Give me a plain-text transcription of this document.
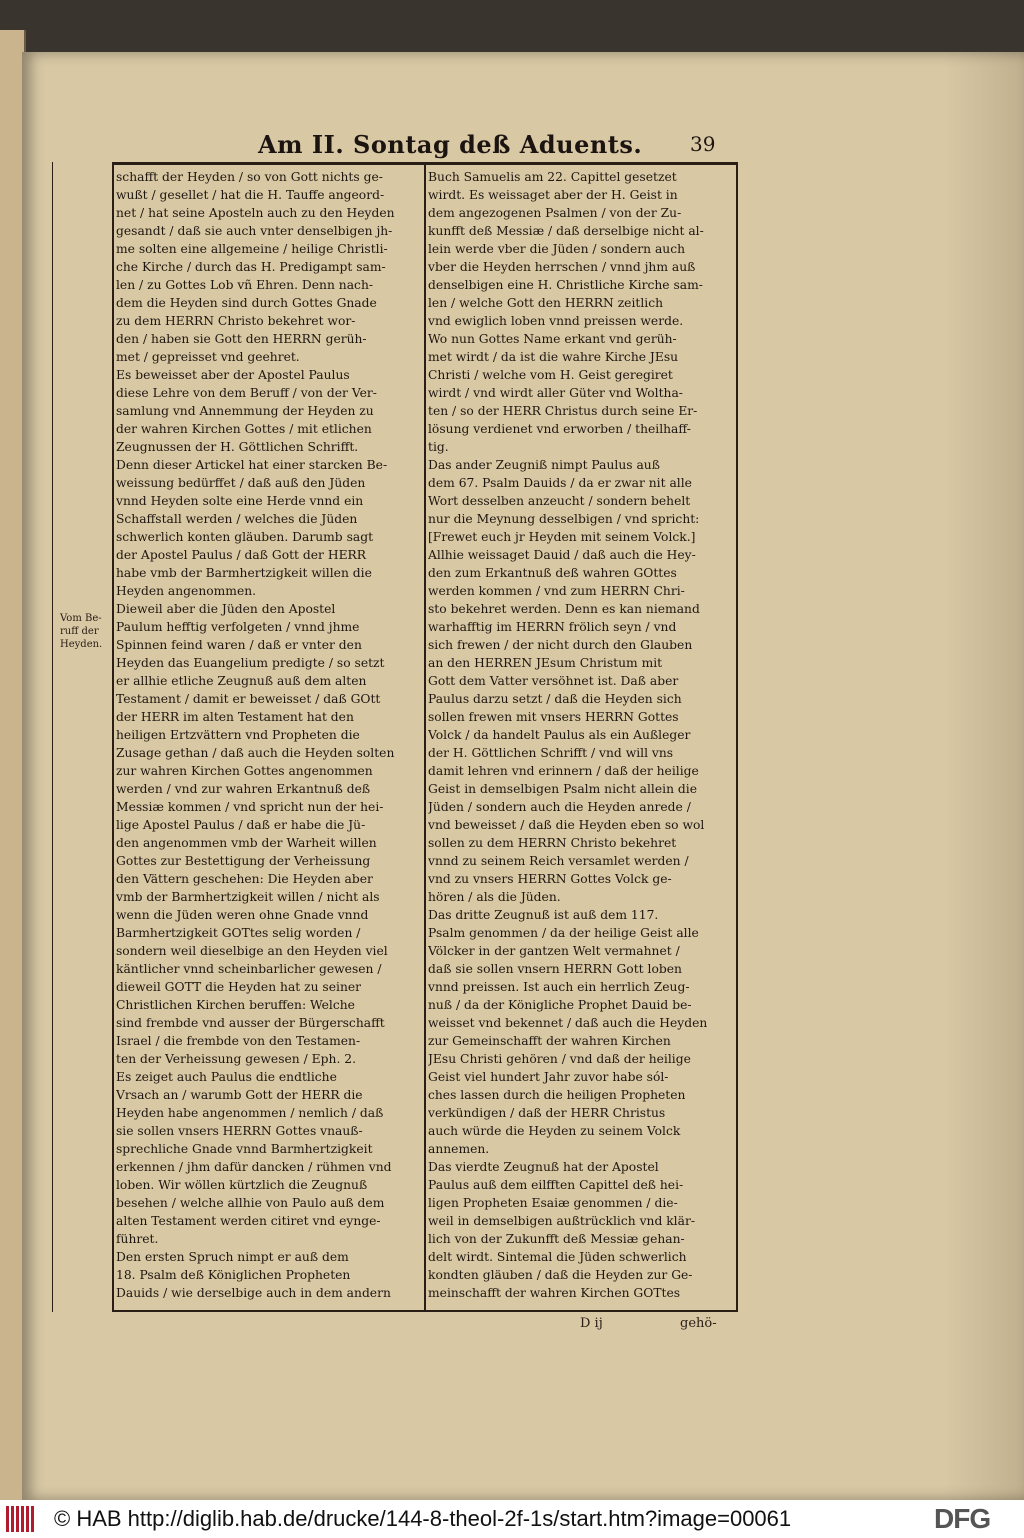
Am II. Sontag deß Aduents. 39
Vom Be-
ruff der
Heyden.
schafft der Heyden / so von Gott nichts ge-
wußt / gesellet / hat die H. Tauffe angeord-
net / hat seine Aposteln auch zu den Heyden
gesandt / daß sie auch vnter denselbigen jh-
me solten eine allgemeine / heilige Christli-
che Kirche / durch das H. Predigampt sam-
len / zu Gottes Lob vñ Ehren. Denn nach-
dem die Heyden sind durch Gottes Gnade
zu dem HERRN Christo bekehret wor-
den / haben sie Gott den HERRN gerüh-
met / gepreisset vnd geehret.
Es beweisset aber der Apostel Paulus
diese Lehre von dem Beruff / von der Ver-
samlung vnd Annemmung der Heyden zu
der wahren Kirchen Gottes / mit etlichen
Zeugnussen der H. Göttlichen Schrifft.
Denn dieser Artickel hat einer starcken Be-
weissung bedürffet / daß auß den Jüden
vnnd Heyden solte eine Herde vnnd ein
Schaffstall werden / welches die Jüden
schwerlich konten gläuben. Darumb sagt
der Apostel Paulus / daß Gott der HERR
habe vmb der Barmhertzigkeit willen die
Heyden angenommen.
Dieweil aber die Jüden den Apostel
Paulum hefftig verfolgeten / vnnd jhme
Spinnen feind waren / daß er vnter den
Heyden das Euangelium predigte / so setzt
er allhie etliche Zeugnuß auß dem alten
Testament / damit er beweisset / daß GOtt
der HERR im alten Testament hat den
heiligen Ertzvättern vnd Propheten die
Zusage gethan / daß auch die Heyden solten
zur wahren Kirchen Gottes angenommen
werden / vnd zur wahren Erkantnuß deß
Messiæ kommen / vnd spricht nun der hei-
lige Apostel Paulus / daß er habe die Jü-
den angenommen vmb der Warheit willen
Gottes zur Bestettigung der Verheissung
den Vättern geschehen: Die Heyden aber
vmb der Barmhertzigkeit willen / nicht als
wenn die Jüden weren ohne Gnade vnnd
Barmhertzigkeit GOTtes selig worden /
sondern weil dieselbige an den Heyden viel
käntlicher vnnd scheinbarlicher gewesen /
dieweil GOTT die Heyden hat zu seiner
Christlichen Kirchen beruffen: Welche
sind frembde vnd ausser der Bürgerschafft
Israel / die frembde von den Testamen-
ten der Verheissung gewesen / Eph. 2.
Es zeiget auch Paulus die endtliche
Vrsach an / warumb Gott der HERR die
Heyden habe angenommen / nemlich / daß
sie sollen vnsers HERRN Gottes vnauß-
sprechliche Gnade vnnd Barmhertzigkeit
erkennen / jhm dafür dancken / rühmen vnd
loben. Wir wöllen kürtzlich die Zeugnuß
besehen / welche allhie von Paulo auß dem
alten Testament werden citiret vnd eynge-
führet.
Den ersten Spruch nimpt er auß dem
18. Psalm deß Königlichen Propheten
Dauids / wie derselbige auch in dem andern
Buch Samuelis am 22. Capittel gesetzet
wirdt. Es weissaget aber der H. Geist in
dem angezogenen Psalmen / von der Zu-
kunfft deß Messiæ / daß derselbige nicht al-
lein werde vber die Jüden / sondern auch
vber die Heyden herrschen / vnnd jhm auß
denselbigen eine H. Christliche Kirche sam-
len / welche Gott den HERRN zeitlich
vnd ewiglich loben vnnd preissen werde.
Wo nun Gottes Name erkant vnd gerüh-
met wirdt / da ist die wahre Kirche JEsu
Christi / welche vom H. Geist geregiret
wirdt / vnd wirdt aller Güter vnd Woltha-
ten / so der HERR Christus durch seine Er-
lösung verdienet vnd erworben / theilhaff-
tig.
Das ander Zeugniß nimpt Paulus auß
dem 67. Psalm Dauids / da er zwar nit alle
Wort desselben anzeucht / sondern behelt
nur die Meynung desselbigen / vnd spricht:
[Frewet euch jr Heyden mit seinem Volck.]
Allhie weissaget Dauid / daß auch die Hey-
den zum Erkantnuß deß wahren GOttes
werden kommen / vnd zum HERRN Chri-
sto bekehret werden. Denn es kan niemand
warhafftig im HERRN frölich seyn / vnd
sich frewen / der nicht durch den Glauben
an den HERREN JEsum Christum mit
Gott dem Vatter versöhnet ist. Daß aber
Paulus darzu setzt / daß die Heyden sich
sollen frewen mit vnsers HERRN Gottes
Volck / da handelt Paulus als ein Außleger
der H. Göttlichen Schrifft / vnd will vns
damit lehren vnd erinnern / daß der heilige
Geist in demselbigen Psalm nicht allein die
Jüden / sondern auch die Heyden anrede /
vnd beweisset / daß die Heyden eben so wol
sollen zu dem HERRN Christo bekehret
vnnd zu seinem Reich versamlet werden /
vnd zu vnsers HERRN Gottes Volck ge-
hören / als die Jüden.
Das dritte Zeugnuß ist auß dem 117.
Psalm genommen / da der heilige Geist alle
Völcker in der gantzen Welt vermahnet /
daß sie sollen vnsern HERRN Gott loben
vnnd preissen. Ist auch ein herrlich Zeug-
nuß / da der Königliche Prophet Dauid be-
weisset vnd bekennet / daß auch die Heyden
zur Gemeinschafft der wahren Kirchen
JEsu Christi gehören / vnd daß der heilige
Geist viel hundert Jahr zuvor habe sól-
ches lassen durch die heiligen Propheten
verkündigen / daß der HERR Christus
auch würde die Heyden zu seinem Volck
annemen.
Das vierdte Zeugnuß hat der Apostel
Paulus auß dem eilfften Capittel deß hei-
ligen Propheten Esaiæ genommen / die-
weil in demselbigen außtrücklich vnd klär-
lich von der Zukunfft deß Messiæ gehan-
delt wirdt. Sintemal die Jüden schwerlich
kondten gläuben / daß die Heyden zur Ge-
meinschafft der wahren Kirchen GOTtes
D ij	gehö-
© HAB http://diglib.hab.de/drucke/144-8-theol-2f-1s/start.htm?image=00061	DFG
